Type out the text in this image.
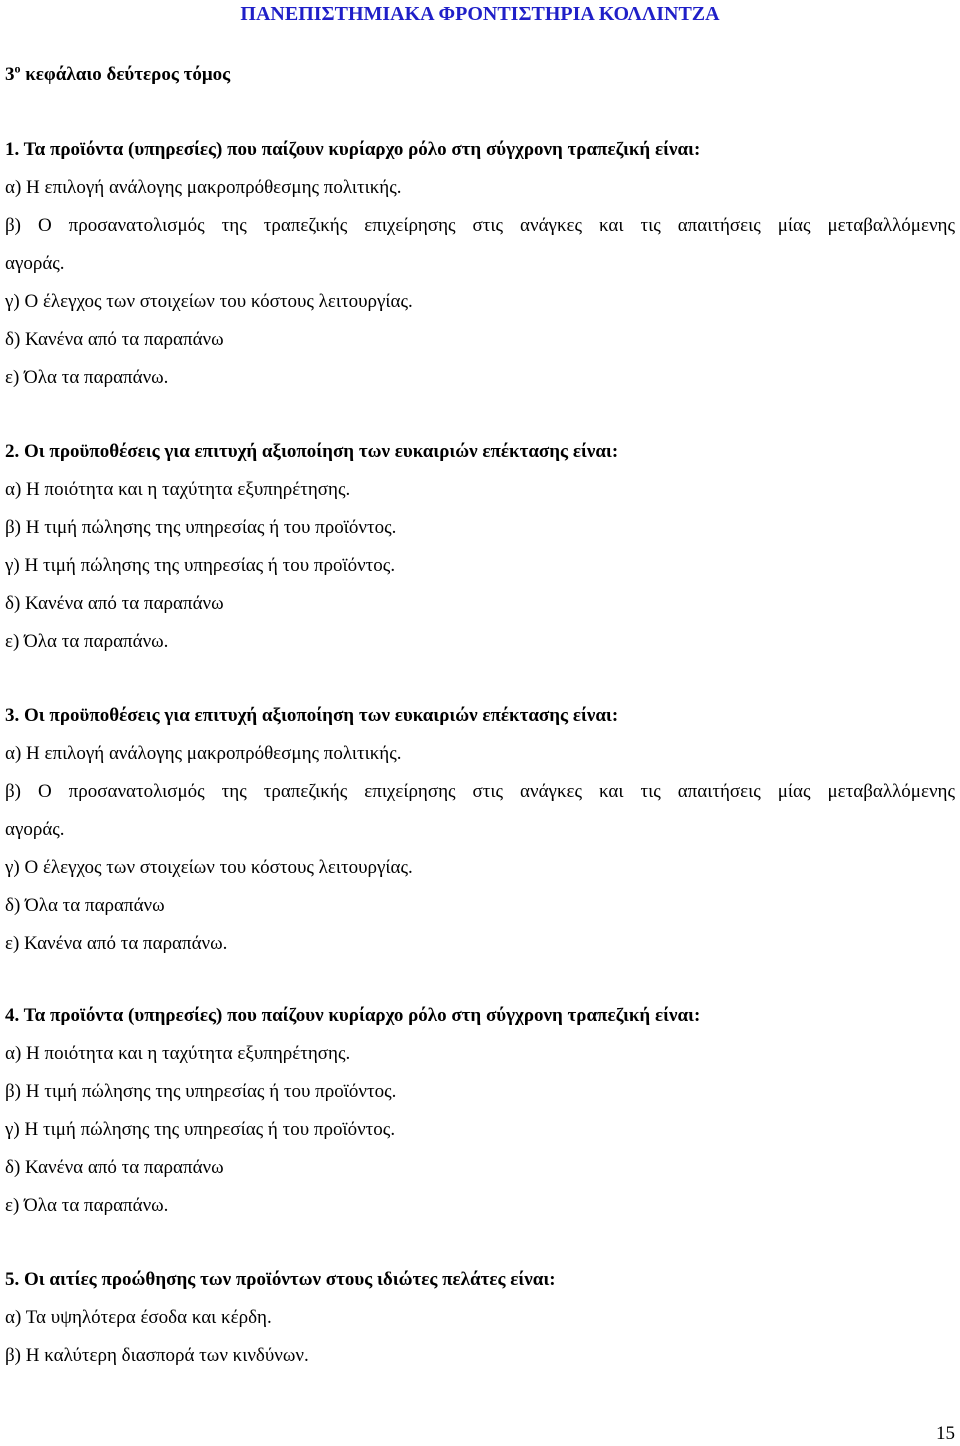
ΠΑΝΕΠΙΣΤΗΜΙΑΚΑ ΦΡΟΝΤΙΣΤΗΡΙΑ ΚΟΛΛΙΝΤΖΑ
$3^o$ κεφάλαιο δεύτερος τόμος
1. Τα προϊόντα (υπηρεσίες) που παίζουν κυρίαρχο ρόλο στη σύγχρονη τραπεζική είναι:
α) Η επιλογή ανάλογης μακροπρόθεσμης πολιτικής.
β) Ο προσανατολισμός της τραπεζικής επιχείρησης στις ανάγκες και τις απαιτήσεις μίας μεταβαλλόμενης
αγοράς.
γ) Ο έλεγχος των στοιχείων του κόστους λειτουργίας.
δ) Κανένα από τα παραπάνω
ε) Όλα τα παραπάνω.
2. Οι προϋποθέσεις για επιτυχή αξιοποίηση των ευκαιριών επέκτασης είναι:
α) Η ποιότητα και η ταχύτητα εξυπηρέτησης.
β) Η τιμή πώλησης της υπηρεσίας ή του προϊόντος.
γ) Η τιμή πώλησης της υπηρεσίας ή του προϊόντος.
δ) Κανένα από τα παραπάνω
ε) Όλα τα παραπάνω.
3. Οι προϋποθέσεις για επιτυχή αξιοποίηση των ευκαιριών επέκτασης είναι:
α) Η επιλογή ανάλογης μακροπρόθεσμης πολιτικής.
β) Ο προσανατολισμός της τραπεζικής επιχείρησης στις ανάγκες και τις απαιτήσεις μίας μεταβαλλόμενης
αγοράς.
γ) Ο έλεγχος των στοιχείων του κόστους λειτουργίας.
δ) Όλα τα παραπάνω
ε) Κανένα από τα παραπάνω.
4. Τα προϊόντα (υπηρεσίες) που παίζουν κυρίαρχο ρόλο στη σύγχρονη τραπεζική είναι:
α) Η ποιότητα και η ταχύτητα εξυπηρέτησης.
β) Η τιμή πώλησης της υπηρεσίας ή του προϊόντος.
γ) Η τιμή πώλησης της υπηρεσίας ή του προϊόντος.
δ) Κανένα από τα παραπάνω
ε) Όλα τα παραπάνω.
5. Οι αιτίες προώθησης των προϊόντων στους ιδιώτες πελάτες είναι:
α) Τα υψηλότερα έσοδα και κέρδη.
β) Η καλύτερη διασπορά των κινδύνων.
15
